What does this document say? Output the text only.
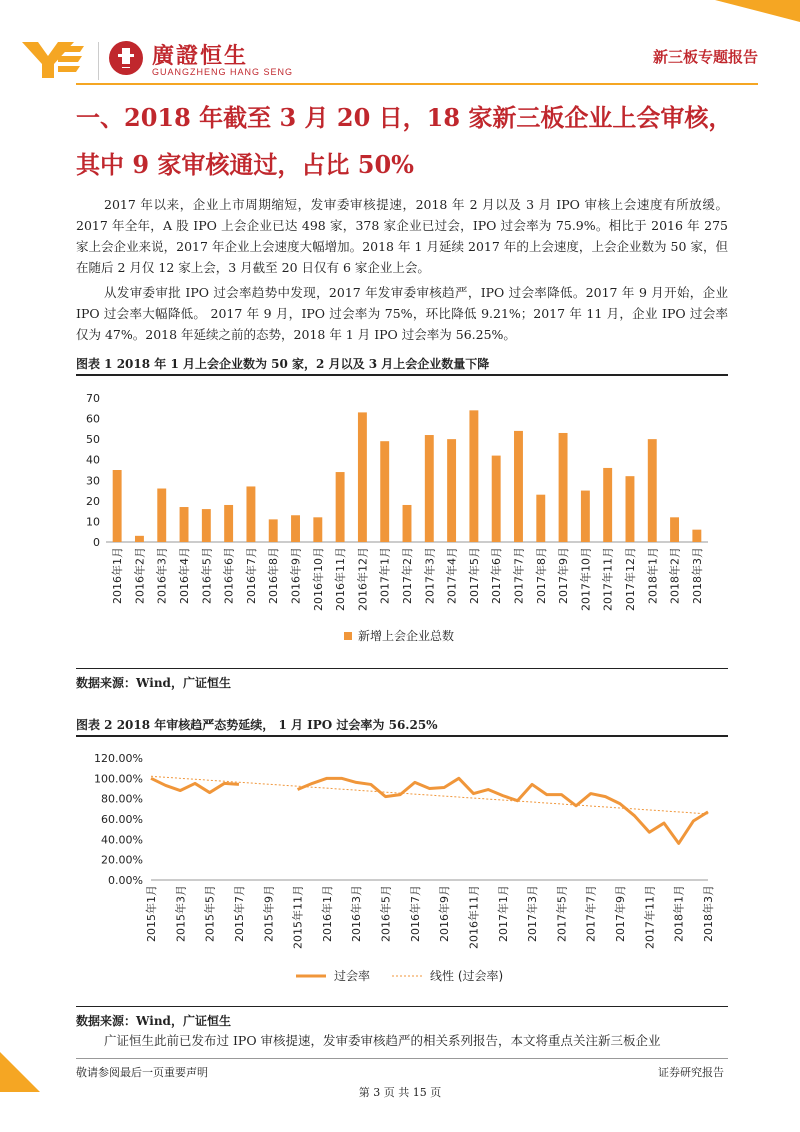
廣證恒生
GUANGZHENG HANG SENG
新三板专题报告
一、2018 年截至 3 月 20 日，18 家新三板企业上会审核，
其中 9 家审核通过，占比 50%
2017 年以来，企业上市周期缩短，发审委审核提速，2018 年 2 月以及 3 月 IPO 审核上会速度有所放缓。2017 年全年，A 股 IPO 上会企业已达 498 家，378 家企业已过会，IPO 过会率为 75.9%。相比于 2016 年 275 家上会企业来说，2017 年企业上会速度大幅增加。2018 年 1 月延续 2017 年的上会速度，上会企业数为 50 家，但在随后 2 月仅 12 家上会，3 月截至 20 日仅有 6 家企业上会。
从发审委审批 IPO 过会率趋势中发现，2017 年发审委审核趋严，IPO 过会率降低。2017 年 9 月开始，企业 IPO 过会率大幅降低。 2017 年 9 月，IPO 过会率为 75%，环比降低 9.21%；2017 年 11 月，企业 IPO 过会率仅为 47%。2018 年延续之前的态势，2018 年 1 月 IPO 过会率为 56.25%。
图表 1 2018 年 1 月上会企业数为 50 家，2 月以及 3 月上会企业数量下降
0
10
20
30
40
50
60
70
2016年1月 2016年2月 2016年3月 2016年4月 2016年5月 2016年6月 2016年7月 2016年8月 2016年9月 2016年10月 2016年11月 2016年12月 2017年1月 2017年2月 2017年3月 2017年4月 2017年5月 2017年6月 2017年7月 2017年8月 2017年9月 2017年10月 2017年11月 2017年12月 2018年1月 2018年2月 2018年3月
新增上会企业总数
数据来源：Wind，广证恒生
图表 2 2018 年审核趋严态势延续， 1 月 IPO 过会率为 56.25%
0.00%
20.00%
40.00%
60.00%
80.00%
100.00%
120.00%
2015年1月 2015年3月 2015年5月 2015年7月 2015年9月 2015年11月 2016年1月 2016年3月 2016年5月 2016年7月 2016年9月 2016年11月 2017年1月 2017年3月 2017年5月 2017年7月 2017年9月 2017年11月 2018年1月 2018年3月
过会率	线性 (过会率)
数据来源：Wind，广证恒生
广证恒生此前已发布过 IPO 审核提速，发审委审核趋严的相关系列报告，本文将重点关注新三板企业
敬请参阅最后一页重要声明
第 3 页 共 15 页
证券研究报告
